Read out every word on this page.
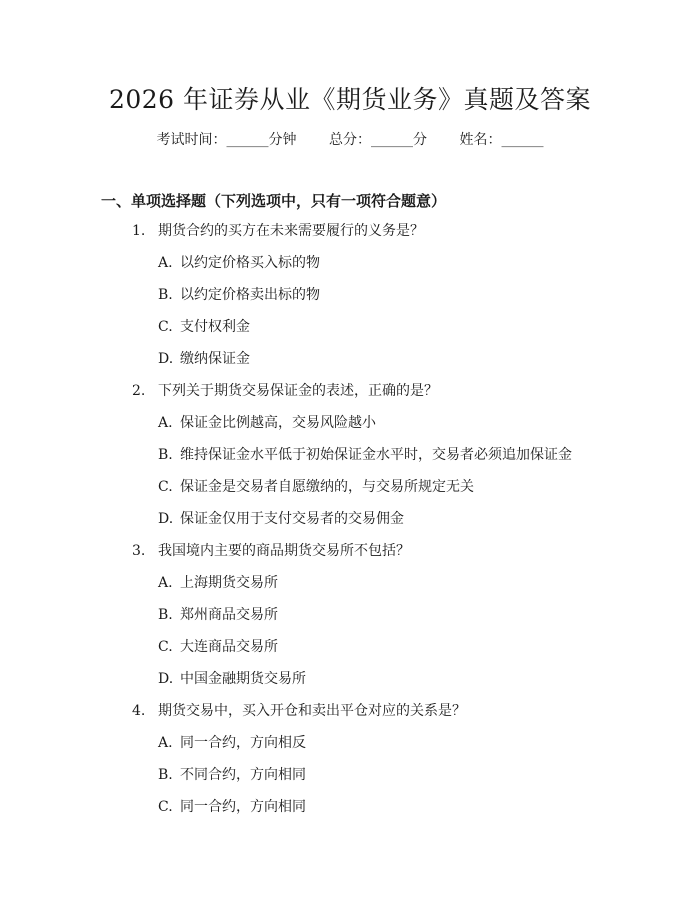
2026 年证券从业《期货业务》真题及答案
考试时间：______分钟 总分：______分 姓名：______
一、单项选择题（下列选项中，只有一项符合题意）
1. 期货合约的买方在未来需要履行的义务是？
A. 以约定价格买入标的物
B. 以约定价格卖出标的物
C. 支付权利金
D. 缴纳保证金
2. 下列关于期货交易保证金的表述，正确的是？
A. 保证金比例越高，交易风险越小
B. 维持保证金水平低于初始保证金水平时，交易者必须追加保证金
C. 保证金是交易者自愿缴纳的，与交易所规定无关
D. 保证金仅用于支付交易者的交易佣金
3. 我国境内主要的商品期货交易所不包括？
A. 上海期货交易所
B. 郑州商品交易所
C. 大连商品交易所
D. 中国金融期货交易所
4. 期货交易中，买入开仓和卖出平仓对应的关系是？
A. 同一合约，方向相反
B. 不同合约，方向相同
C. 同一合约，方向相同
